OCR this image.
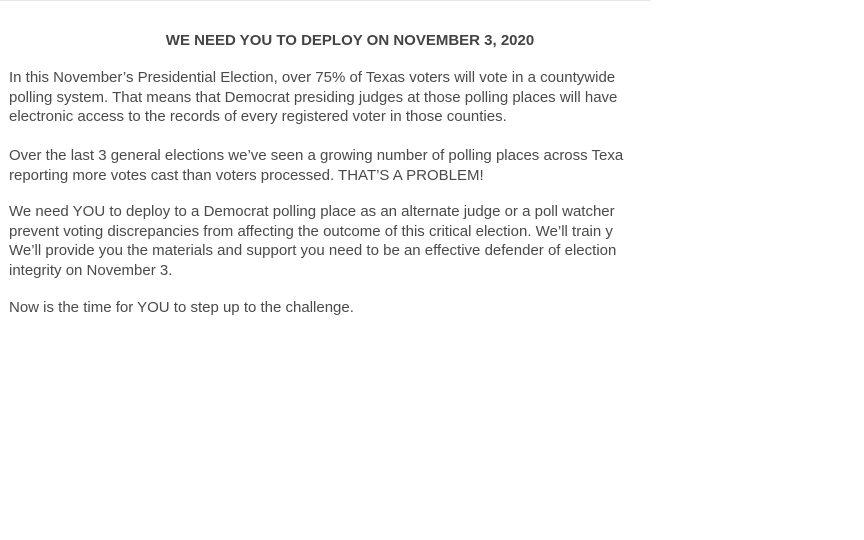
WE NEED YOU TO DEPLOY ON NOVEMBER 3, 2020

In this November’s Presidential Election, over 75% of Texas voters will vote in a countywide
polling system. That means that Democrat presiding judges at those polling places will have
electronic access to the records of every registered voter in those counties.

Over the last 3 general elections we’ve seen a growing number of polling places across Texa
reporting more votes cast than voters processed. THAT’S A PROBLEM!

We need YOU to deploy to a Democrat polling place as an alternate judge or a poll watcher
prevent voting discrepancies from affecting the outcome of this critical election. We’ll train y
We’ll provide you the materials and support you need to be an effective defender of election
integrity on November 3.

Now is the time for YOU to step up to the challenge.
